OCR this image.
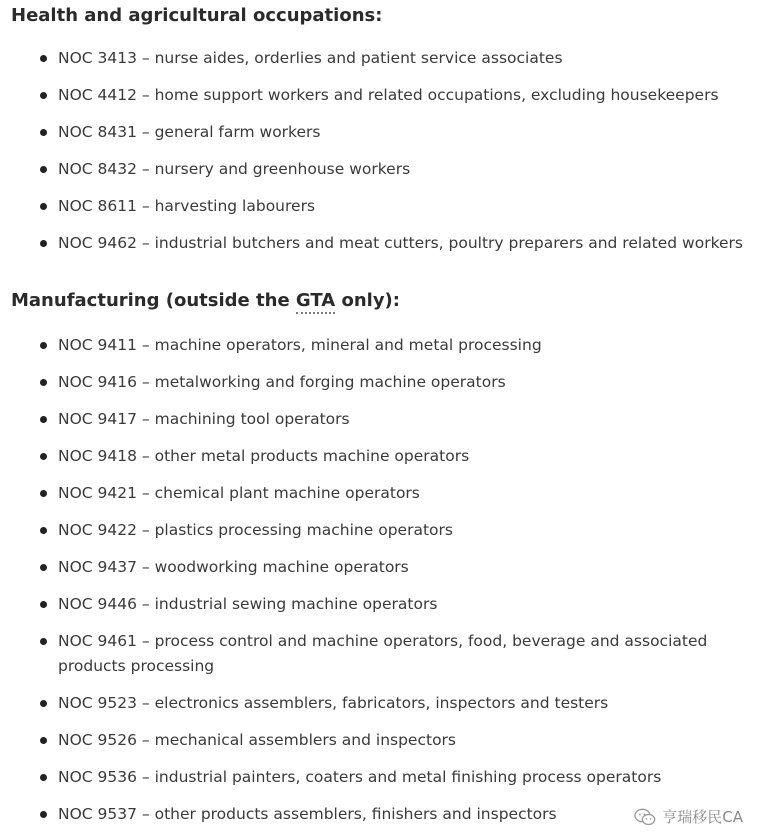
Health and agricultural occupations:
NOC 3413 – nurse aides, orderlies and patient service associates
NOC 4412 – home support workers and related occupations, excluding housekeepers
NOC 8431 – general farm workers
NOC 8432 – nursery and greenhouse workers
NOC 8611 – harvesting labourers
NOC 9462 – industrial butchers and meat cutters, poultry preparers and related workers
Manufacturing (outside the GTA only):
NOC 9411 – machine operators, mineral and metal processing
NOC 9416 – metalworking and forging machine operators
NOC 9417 – machining tool operators
NOC 9418 – other metal products machine operators
NOC 9421 – chemical plant machine operators
NOC 9422 – plastics processing machine operators
NOC 9437 – woodworking machine operators
NOC 9446 – industrial sewing machine operators
NOC 9461 – process control and machine operators, food, beverage and associated products processing
NOC 9523 – electronics assemblers, fabricators, inspectors and testers
NOC 9526 – mechanical assemblers and inspectors
NOC 9536 – industrial painters, coaters and metal finishing process operators
NOC 9537 – other products assemblers, finishers and inspectors	亨瑞移民CA
